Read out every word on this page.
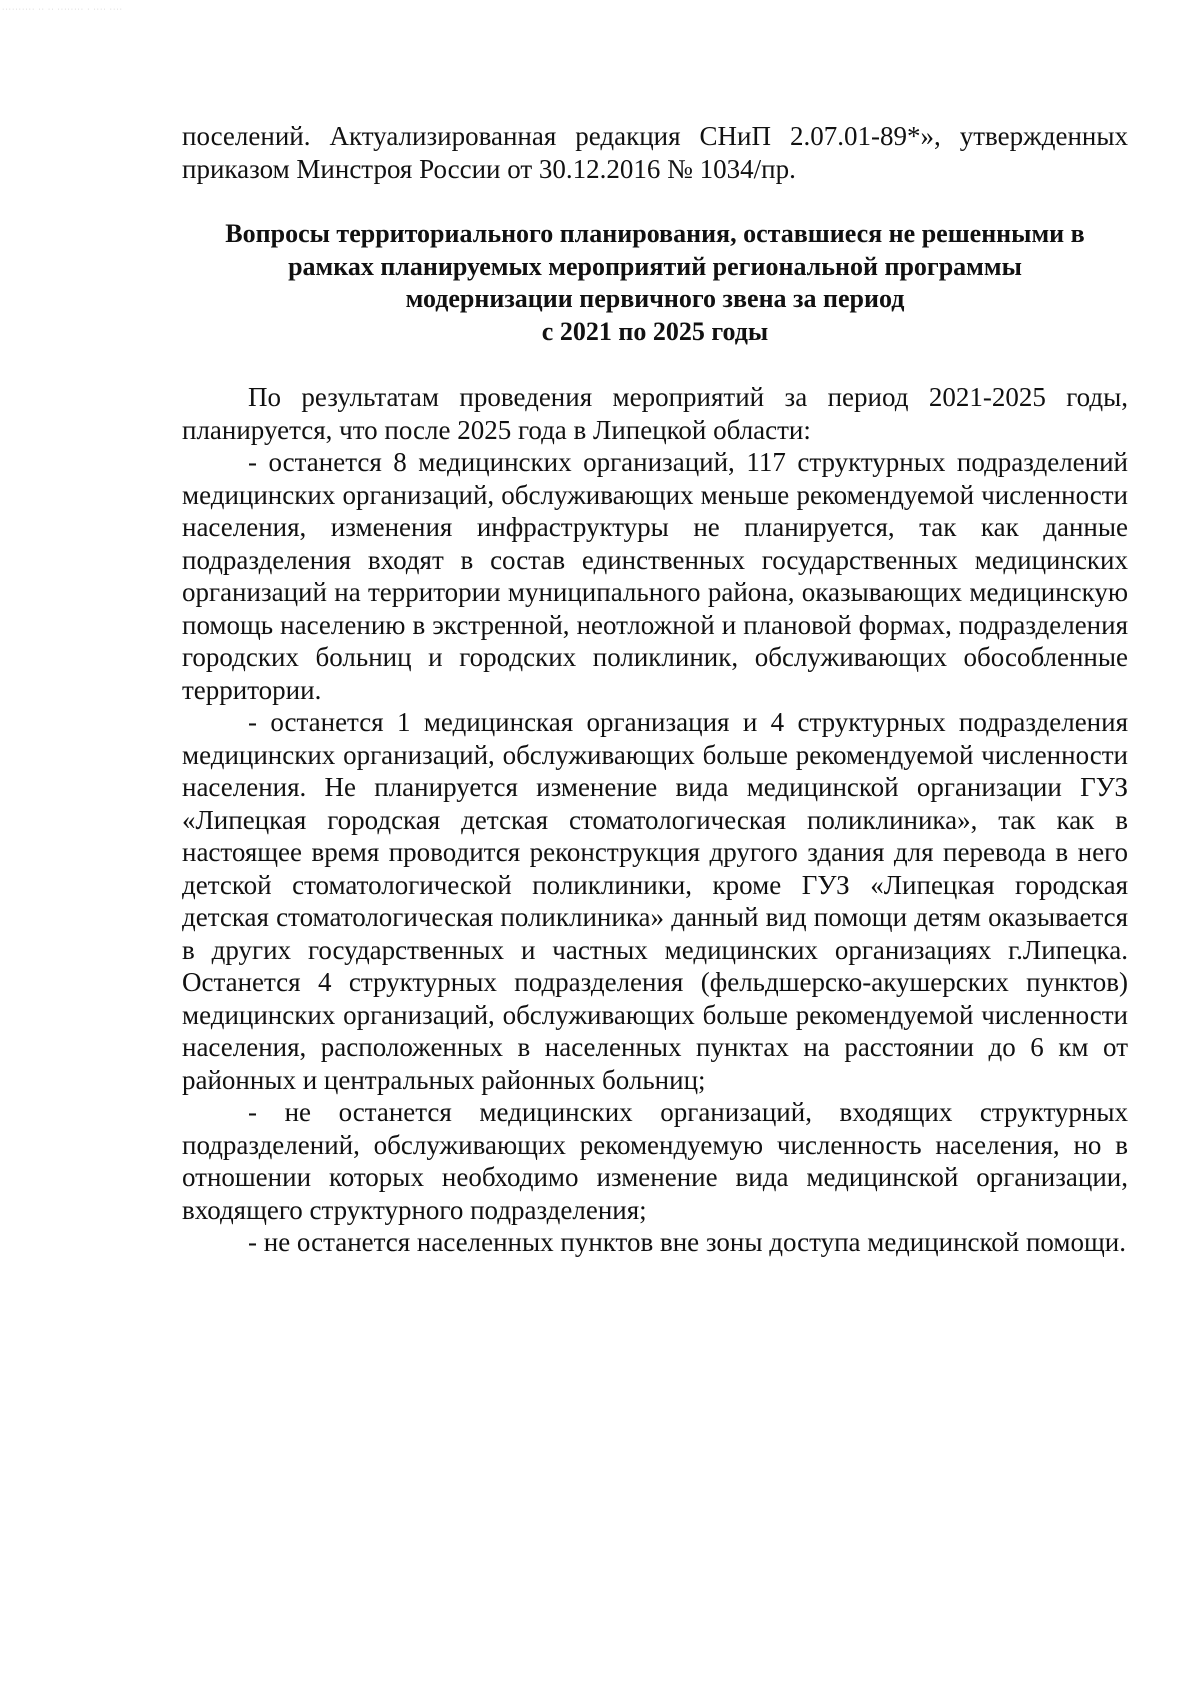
·········· ·· ·· ········ · ···· ····

поселений. Актуализированная редакция СНиП 2.07.01-89*», утвержденных приказом Минстроя России от 30.12.2016 № 1034/пр.

Вопросы территориального планирования, оставшиеся не решенными в
рамках планируемых мероприятий региональной программы
модернизации первичного звена за период
с 2021 по 2025 годы

По результатам проведения мероприятий за период 2021-2025 годы, планируется, что после 2025 года в Липецкой области:

- останется 8 медицинских организаций, 117 структурных подразделений медицинских организаций, обслуживающих меньше рекомендуемой численности населения, изменения инфраструктуры не планируется, так как данные подразделения входят в состав единственных государственных медицинских организаций на территории муниципального района, оказывающих медицинскую помощь населению в экстренной, неотложной и плановой формах, подразделения городских больниц и городских поликлиник, обслуживающих обособленные территории.

- останется 1 медицинская организация и 4 структурных подразделения медицинских организаций, обслуживающих больше рекомендуемой численности населения. Не планируется изменение вида медицинской организации ГУЗ «Липецкая городская детская стоматологическая поликлиника», так как в настоящее время проводится реконструкция другого здания для перевода в него детской стоматологической поликлиники, кроме ГУЗ «Липецкая городская детская стоматологическая поликлиника» данный вид помощи детям оказывается в других государственных и частных медицинских организациях г.Липецка. Останется 4 структурных подразделения (фельдшерско-акушерских пунктов) медицинских организаций, обслуживающих больше рекомендуемой численности населения, расположенных в населенных пунктах на расстоянии до 6 км от районных и центральных районных больниц;

- не останется медицинских организаций, входящих структурных подразделений, обслуживающих рекомендуемую численность населения, но в отношении которых необходимо изменение вида медицинской организации, входящего структурного подразделения;

- не останется населенных пунктов вне зоны доступа медицинской помощи.
